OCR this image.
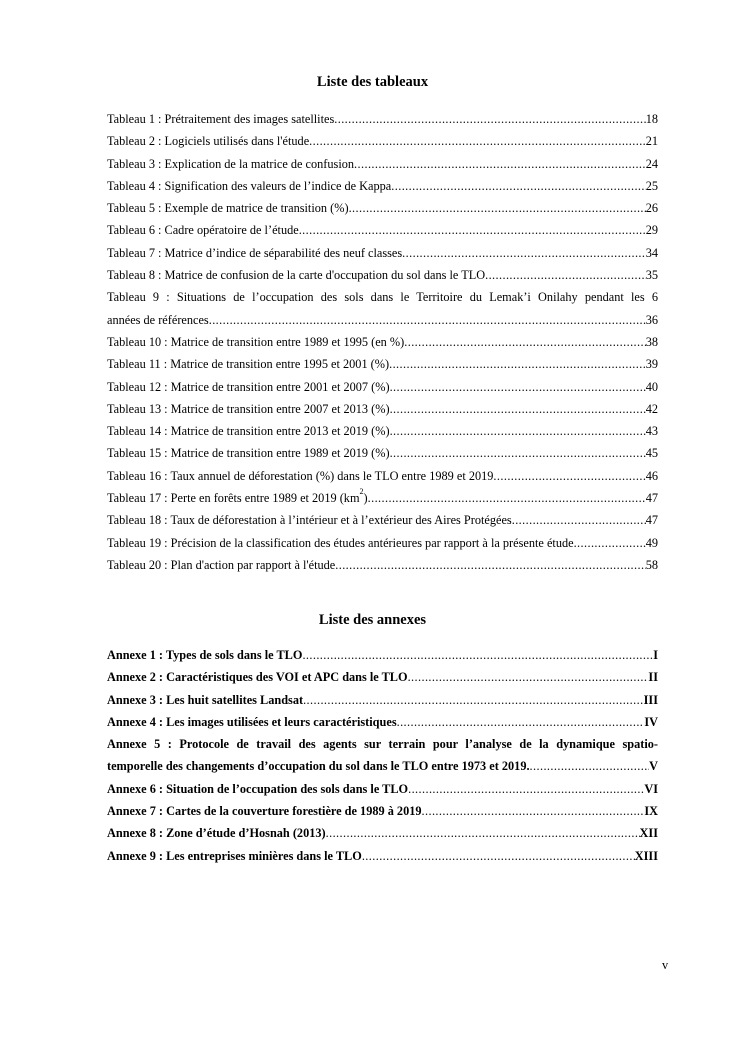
Liste des tableaux
Tableau 1 : Prétraitement des images satellites .....	18
Tableau 2 : Logiciels utilisés dans l'étude .....	21
Tableau 3 : Explication de la matrice de confusion .....	24
Tableau 4 : Signification des valeurs de l’indice de Kappa .....	25
Tableau 5 : Exemple de matrice de transition (%) .....	26
Tableau 6 : Cadre opératoire de l’étude .....	29
Tableau 7 : Matrice d’indice de séparabilité des neuf classes .....	34
Tableau 8 : Matrice de confusion de la carte d'occupation du sol dans le TLO .....	35
Tableau 9 : Situations de l’occupation des sols dans le Territoire du Lemak’i Onilahy pendant les 6
années de références .....	36
Tableau 10 : Matrice de transition entre 1989 et 1995 (en %) .....	38
Tableau 11 : Matrice de transition entre 1995 et 2001 (%) .....	39
Tableau 12 : Matrice de transition entre 2001 et 2007 (%) .....	40
Tableau 13 : Matrice de transition entre 2007 et 2013 (%) .....	42
Tableau 14 : Matrice de transition entre 2013 et 2019 (%) .....	43
Tableau 15 : Matrice de transition entre 1989 et 2019 (%) .....	45
Tableau 16 : Taux annuel de déforestation (%) dans le TLO entre 1989 et 2019 .....	46
Tableau 17 : Perte en forêts entre 1989 et 2019 $(km^2)$ .....	47
Tableau 18 : Taux de déforestation à l’intérieur et à l’extérieur des Aires Protégées .....	47
Tableau 19 : Précision de la classification des études antérieures par rapport à la présente étude .....	49
Tableau 20 : Plan d'action par rapport à l'étude .....	58
Liste des annexes
Annexe 1 : Types de sols dans le TLO .....	I
Annexe 2 : Caractéristiques des VOI et APC dans le TLO .....	II
Annexe 3 : Les huit satellites Landsat .....	III
Annexe 4 : Les images utilisées et leurs caractéristiques .....	IV
Annexe 5 : Protocole de travail des agents sur terrain pour l’analyse de la dynamique spatio-
temporelle des changements d’occupation du sol dans le TLO entre 1973 et 2019. .....	V
Annexe 6 : Situation de l’occupation des sols dans le TLO .....	VI
Annexe 7 : Cartes de la couverture forestière de 1989 à 2019 .....	IX
Annexe 8 : Zone d’étude d’Hosnah (2013) .....	XII
Annexe 9 : Les entreprises minières dans le TLO .....	XIII
v
